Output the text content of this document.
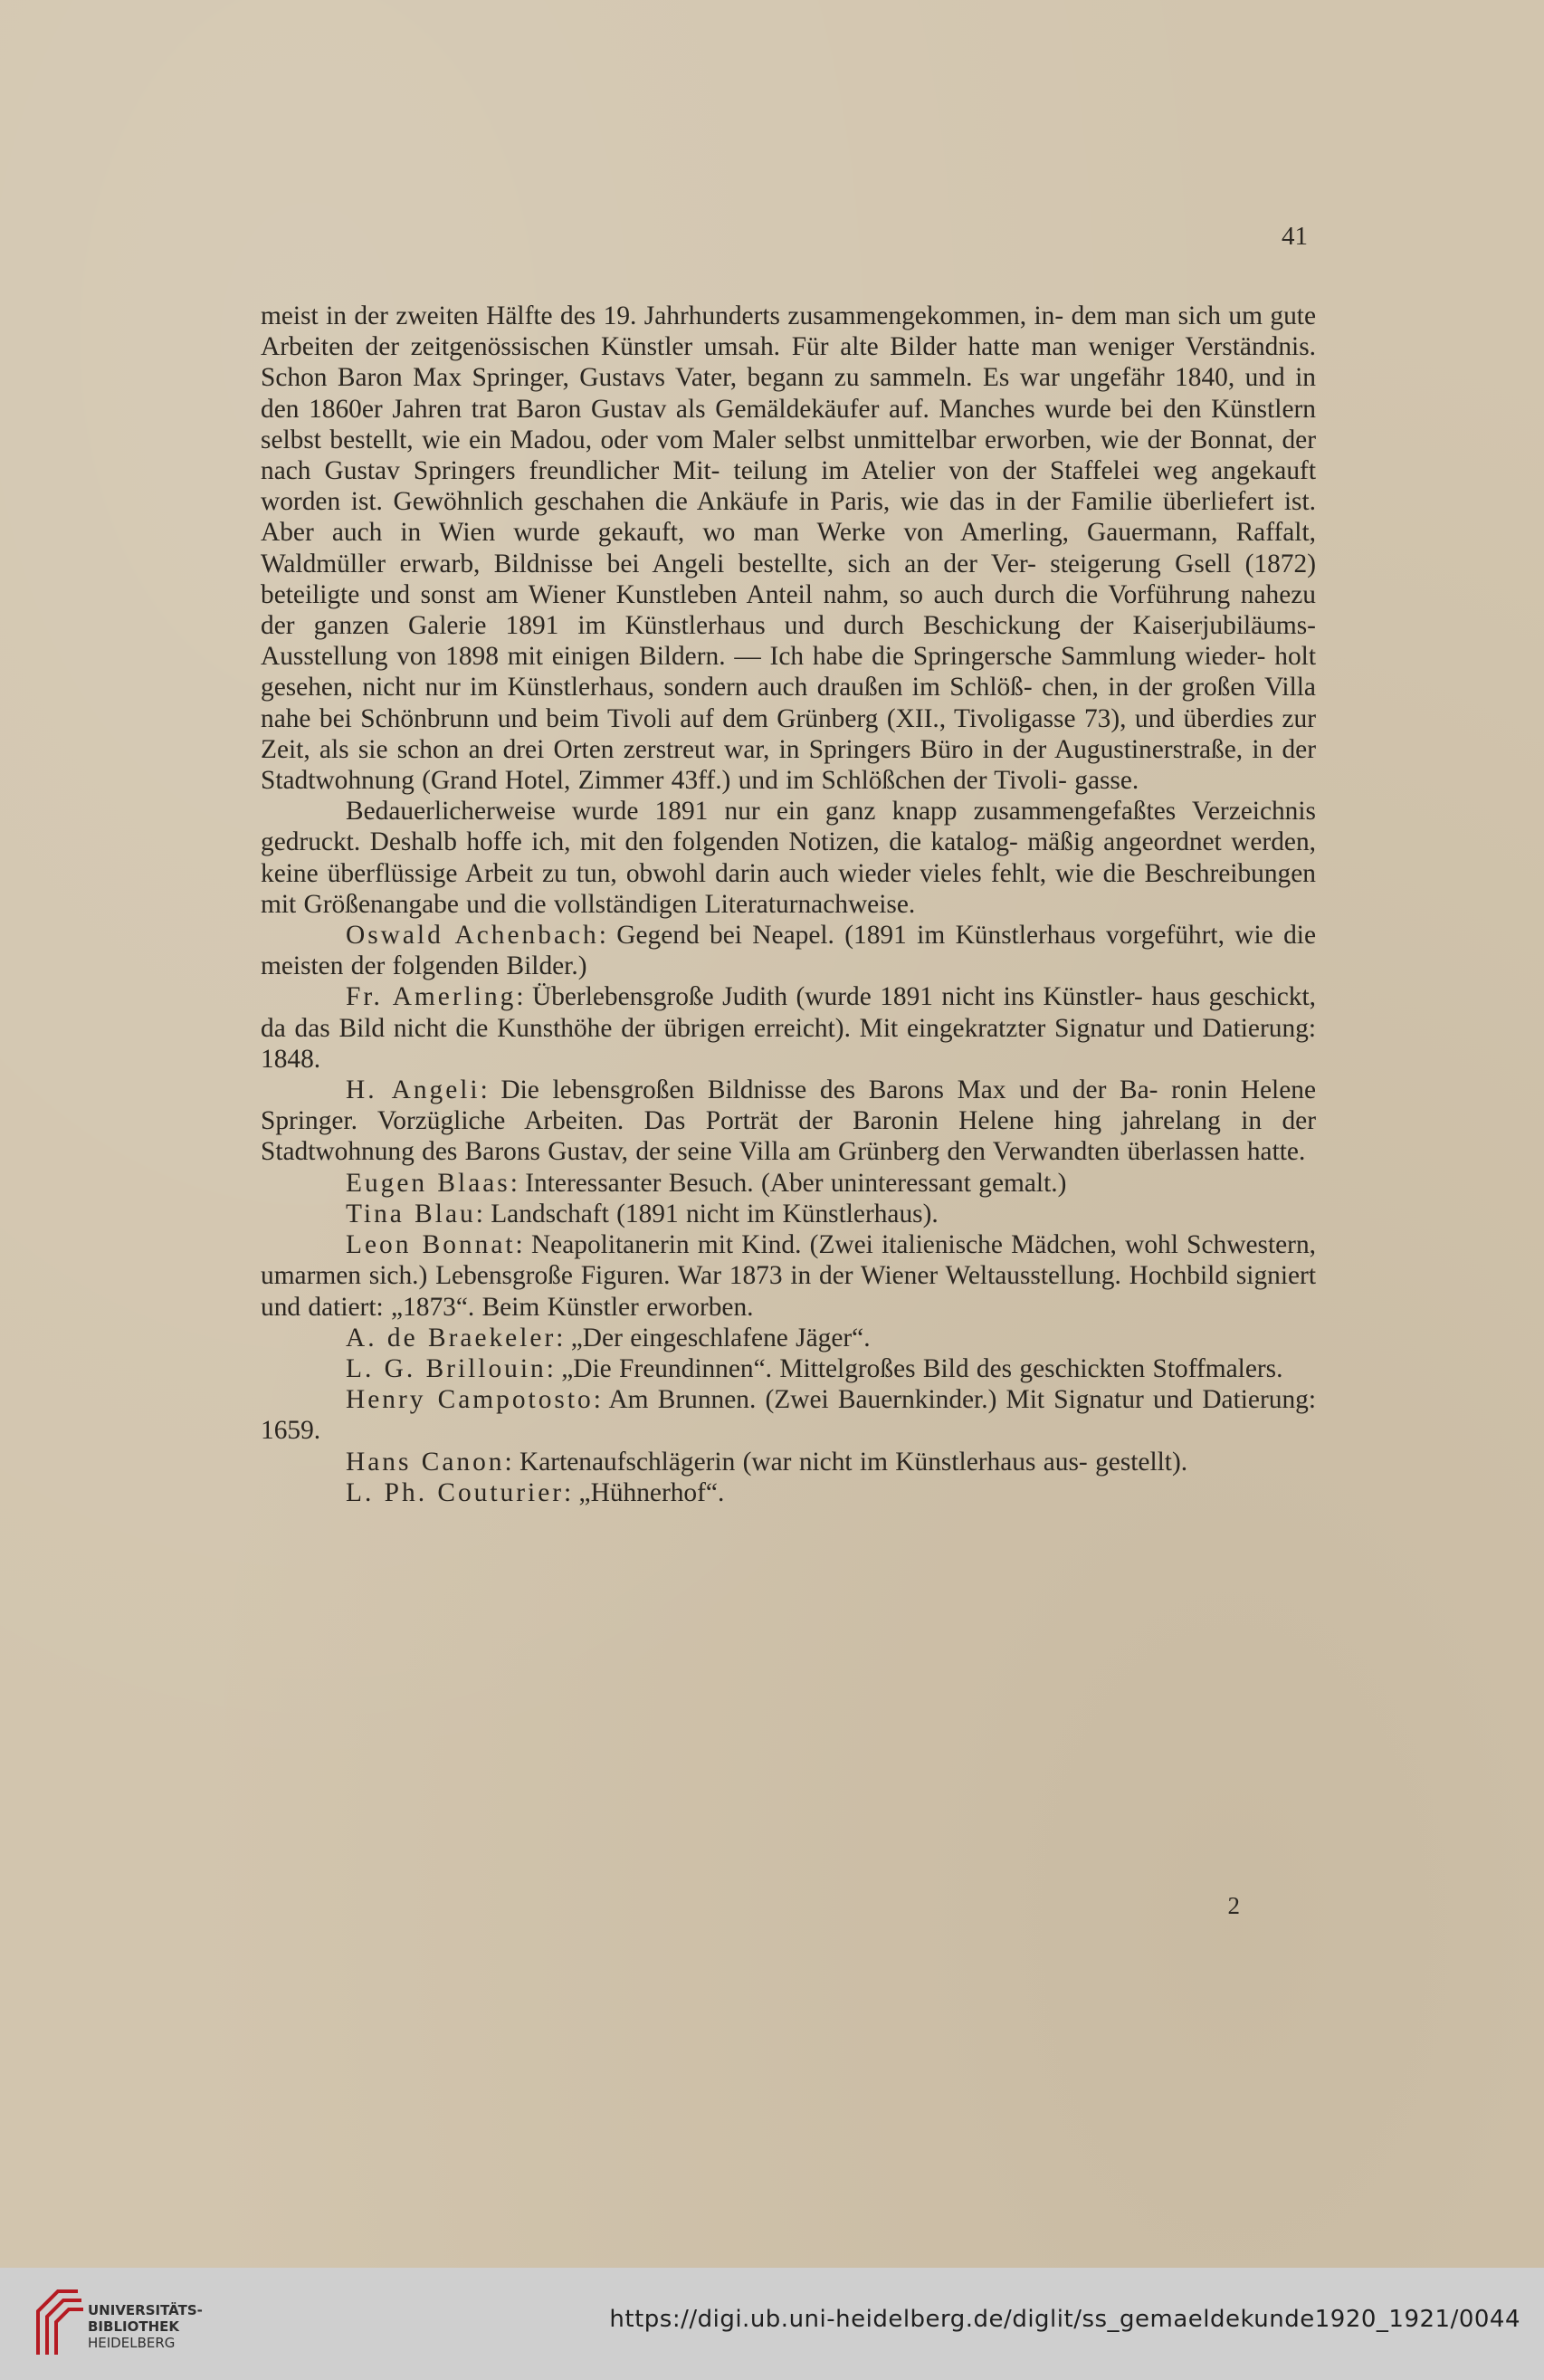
41

meist in der zweiten Hälfte des 19. Jahrhunderts zusammengekommen, in- dem man sich um gute Arbeiten der zeitgenössischen Künstler umsah. Für alte Bilder hatte man weniger Verständnis. Schon Baron Max Springer, Gustavs Vater, begann zu sammeln. Es war ungefähr 1840, und in den 1860er Jahren trat Baron Gustav als Gemäldekäufer auf. Manches wurde bei den Künstlern selbst bestellt, wie ein Madou, oder vom Maler selbst unmittelbar erworben, wie der Bonnat, der nach Gustav Springers freundlicher Mit- teilung im Atelier von der Staffelei weg angekauft worden ist. Gewöhnlich geschahen die Ankäufe in Paris, wie das in der Familie überliefert ist. Aber auch in Wien wurde gekauft, wo man Werke von Amerling, Gauermann, Raffalt, Waldmüller erwarb, Bildnisse bei Angeli bestellte, sich an der Ver- steigerung Gsell (1872) beteiligte und sonst am Wiener Kunstleben Anteil nahm, so auch durch die Vorführung nahezu der ganzen Galerie 1891 im Künstlerhaus und durch Beschickung der Kaiserjubiläums-Ausstellung von 1898 mit einigen Bildern. — Ich habe die Springersche Sammlung wieder- holt gesehen, nicht nur im Künstlerhaus, sondern auch draußen im Schlöß- chen, in der großen Villa nahe bei Schönbrunn und beim Tivoli auf dem Grünberg (XII., Tivoligasse 73), und überdies zur Zeit, als sie schon an drei Orten zerstreut war, in Springers Büro in der Augustinerstraße, in der Stadtwohnung (Grand Hotel, Zimmer 43ff.) und im Schlößchen der Tivoli- gasse.

Bedauerlicherweise wurde 1891 nur ein ganz knapp zusammengefaßtes Verzeichnis gedruckt. Deshalb hoffe ich, mit den folgenden Notizen, die katalog- mäßig angeordnet werden, keine überflüssige Arbeit zu tun, obwohl darin auch wieder vieles fehlt, wie die Beschreibungen mit Größenangabe und die vollständigen Literaturnachweise.

Oswald Achenbach: Gegend bei Neapel. (1891 im Künstlerhaus vorgeführt, wie die meisten der folgenden Bilder.)

Fr. Amerling: Überlebensgroße Judith (wurde 1891 nicht ins Künstler- haus geschickt, da das Bild nicht die Kunsthöhe der übrigen erreicht). Mit eingekratzter Signatur und Datierung: 1848.

H. Angeli: Die lebensgroßen Bildnisse des Barons Max und der Ba- ronin Helene Springer. Vorzügliche Arbeiten. Das Porträt der Baronin Helene hing jahrelang in der Stadtwohnung des Barons Gustav, der seine Villa am Grünberg den Verwandten überlassen hatte.

Eugen Blaas: Interessanter Besuch. (Aber uninteressant gemalt.)

Tina Blau: Landschaft (1891 nicht im Künstlerhaus).

Leon Bonnat: Neapolitanerin mit Kind. (Zwei italienische Mädchen, wohl Schwestern, umarmen sich.) Lebensgroße Figuren. War 1873 in der Wiener Weltausstellung. Hochbild signiert und datiert: „1873“. Beim Künstler erworben.

A. de Braekeler: „Der eingeschlafene Jäger“.

L. G. Brillouin: „Die Freundinnen“. Mittelgroßes Bild des geschickten Stoffmalers.

Henry Campotosto: Am Brunnen. (Zwei Bauernkinder.) Mit Signatur und Datierung: 1659.

Hans Canon: Kartenaufschlägerin (war nicht im Künstlerhaus aus- gestellt).

L. Ph. Couturier: „Hühnerhof“.

2
UNIVERSITÄTS-
BIBLIOTHEK
HEIDELBERG
https://digi.ub.uni-heidelberg.de/diglit/ss_gemaeldekunde1920_1921/0044
